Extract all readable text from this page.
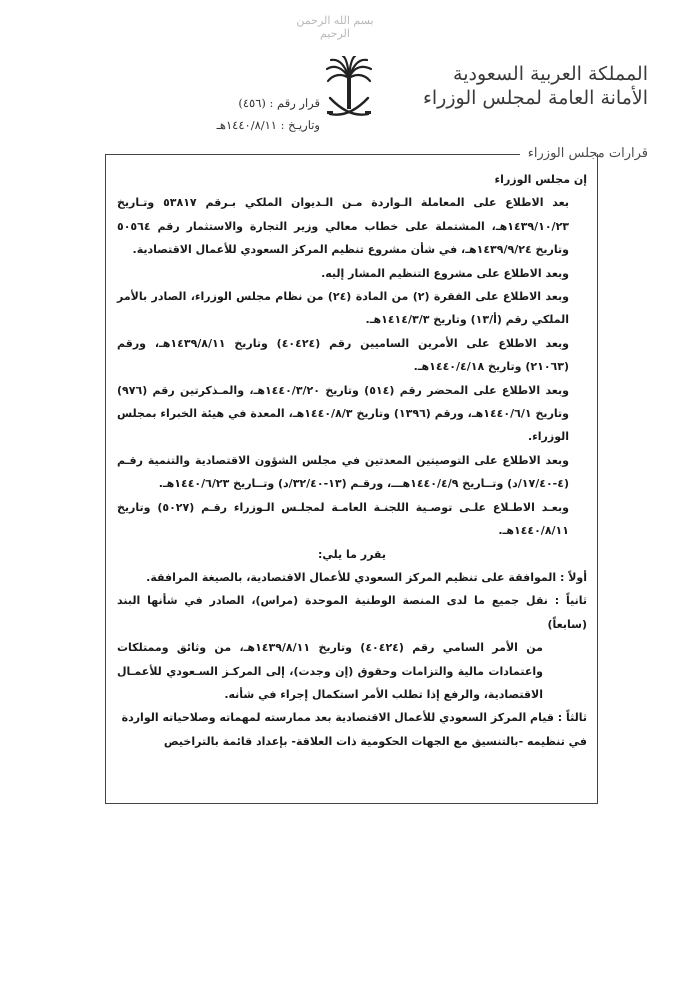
بسم الله الرحمن الرحيم
المملكة العربية السعودية
الأمانة العامة لمجلس الوزراء
قرار رقم : (٤٥٦)
وتاريـخ : ١٤٤٠/٨/١١هـ
قرارات مجلس الوزراء

إن مجلس الوزراء

بعد الاطلاع على المعاملة الـواردة مـن الـديوان الملكي بـرقم ٥٣٨١٧ وتـاريخ ١٤٣٩/١٠/٢٣هـ، المشتملة على خطاب معالي وزير التجارة والاستثمار رقم ٥٠٥٦٤ وتاريخ ١٤٣٩/٩/٢٤هـ، في شأن مشروع تنظيم المركز السعودي للأعمال الاقتصادية.

وبعد الاطلاع على مشروع التنظيم المشار إليه.

وبعد الاطلاع على الفقرة (٢) من المادة (٢٤) من نظام مجلس الوزراء، الصادر بالأمر الملكي رقم (أ/١٣) وتاريخ ١٤١٤/٣/٣هـ.

وبعد الاطلاع على الأمرين الساميين رقم (٤٠٤٢٤) وتاريخ ١٤٣٩/٨/١١هـ، ورقم (٢١٠٦٣) وتاريخ ١٤٤٠/٤/١٨هـ.

وبعد الاطلاع على المحضر رقم (٥١٤) وتاريخ ١٤٤٠/٣/٢٠هـ، والمـذكرتين رقم (٩٧٦) وتاريخ ١٤٤٠/٦/١هـ، ورقم (١٣٩٦) وتاريخ ١٤٤٠/٨/٣هـ، المعدة في هيئة الخبراء بمجلس الوزراء.

وبعد الاطلاع على التوصيتين المعدتين في مجلس الشؤون الاقتصادية والتنمية رقـم (٤-١٧/٤٠/د) وتــاريخ ١٤٤٠/٤/٩هـــ، ورقـم (١٣-٣٢/٤٠/د) وتــاريخ ١٤٤٠/٦/٢٣هـ.

وبعـد الاطـلاع علـى توصـية اللجنـة العامـة لمجلـس الـوزراء رقـم (٥٠٢٧) وتاريخ ١٤٤٠/٨/١١هـ.

يقرر ما يلي:

أولاً : الموافقة على تنظيم المركز السعودي للأعمال الاقتصادية، بالصيغة المرافقة.

ثانياً : نقل جميع ما لدى المنصة الوطنية الموحدة (مراس)، الصادر في شأنها البند (سابعاً)

من الأمر السامي رقم (٤٠٤٢٤) وتاريخ ١٤٣٩/٨/١١هـ، من وثائق وممتلكات واعتمادات مالية والتزامات وحقوق (إن وجدت)، إلى المركـز السـعودي للأعمـال الاقتصادية، والرفع إذا تطلب الأمر استكمال إجراء في شأنه.

ثالثاً : قيام المركز السعودي للأعمال الاقتصادية بعد ممارسته لمهماته وصلاحياته الواردة

في تنظيمه -بالتنسيق مع الجهات الحكومية ذات العلاقة- بإعداد قائمة بالتراخيص
